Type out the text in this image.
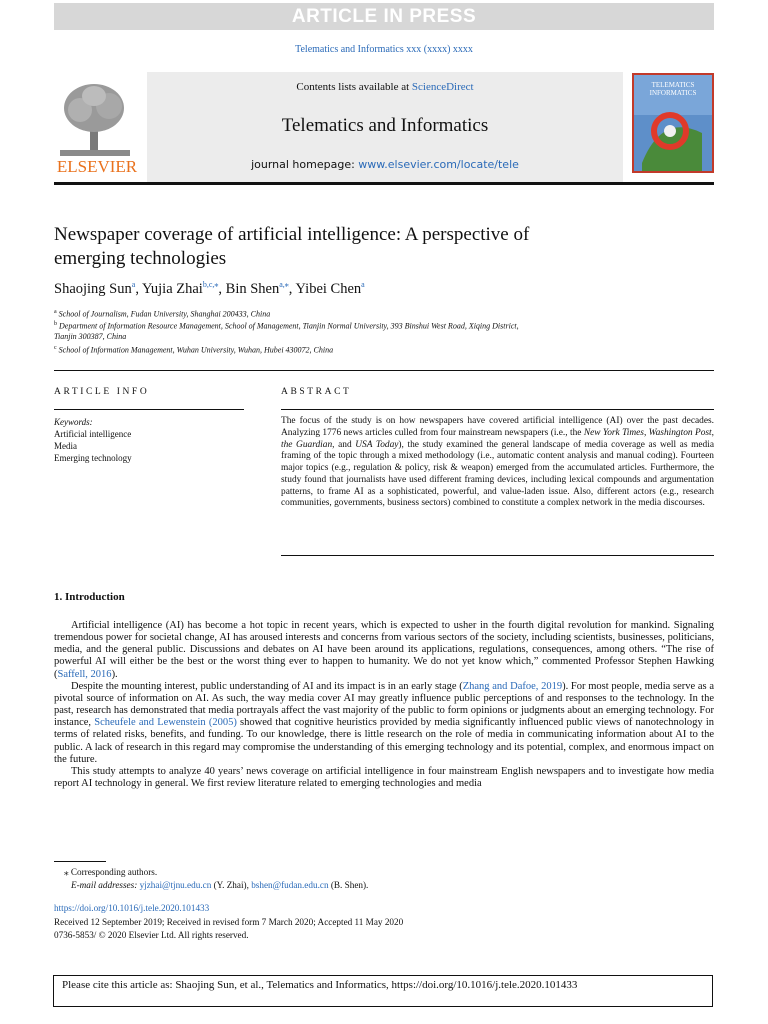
ARTICLE IN PRESS
Telematics and Informatics xxx (xxxx) xxxx
ELSEVIER
TELEMATICS
INFORMATICS
Contents lists available at ScienceDirect
Telematics and Informatics
journal homepage: www.elsevier.com/locate/tele
Newspaper coverage of artificial intelligence: A perspective of
emerging technologies
Shaojing Sun$^a$, Yujia Zhai$^{b,c,⁎}$, Bin Shen$^{a,⁎}$, Yibei Chen$^a$
$^a$ School of Journalism, Fudan University, Shanghai 200433, China
$^b$ Department of Information Resource Management, School of Management, Tianjin Normal University, 393 Binshui West Road, Xiqing District,
Tianjin 300387, China
$^c$ School of Information Management, Wuhan University, Wuhan, Hubei 430072, China
ARTICLE INFO
Keywords:
Artificial intelligence
Media
Emerging technology
ABSTRACT
The focus of the study is on how newspapers have covered artificial intelligence (AI) over the past decades. Analyzing 1776 news articles culled from four mainstream newspapers (i.e., the New York Times, Washington Post, the Guardian, and USA Today), the study examined the general landscape of media coverage as well as media framing of the topic through a mixed methodology (i.e., automatic content analysis and manual coding). Fourteen major topics (e.g., regulation & policy, risk & weapon) emerged from the accumulated articles. Furthermore, the study found that journalists have used different framing devices, including lexical compounds and argumentation patterns, to frame AI as a sophisticated, powerful, and value-laden issue. Also, different actors (e.g., research communities, governments, business sectors) combined to constitute a complex network in the media discourses.
1. Introduction

Artificial intelligence (AI) has become a hot topic in recent years, which is expected to usher in the fourth digital revolution for mankind. Signaling tremendous power for societal change, AI has aroused interests and concerns from various sectors of the society, including scientists, businesses, politicians, media, and the general public. Discussions and debates on AI have been around its applications, regulations, consequences, among others. “The rise of powerful AI will either be the best or the worst thing ever to happen to humanity. We do not yet know which,” commented Professor Stephen Hawking (Saffell, 2016).

Despite the mounting interest, public understanding of AI and its impact is in an early stage (Zhang and Dafoe, 2019). For most people, media serve as a pivotal source of information on AI. As such, the way media cover AI may greatly influence public perceptions of and responses to the technology. In the past, research has demonstrated that media portrayals affect the vast majority of the public to form opinions or judgments about an emerging technology. For instance, Scheufele and Lewenstein (2005) showed that cognitive heuristics provided by media significantly influenced public views of nanotechnology in terms of related risks, benefits, and funding. To our knowledge, there is little research on the role of media in communicating information about AI to the public. A lack of research in this regard may compromise the understanding of this emerging technology and its potential, complex, and enormous impact on the future.

This study attempts to analyze 40 years’ news coverage on artificial intelligence in four mainstream English newspapers and to investigate how media report AI technology in general. We first review literature related to emerging technologies and media

⁎ Corresponding authors.
E-mail addresses: yjzhai@tjnu.edu.cn (Y. Zhai), bshen@fudan.edu.cn (B. Shen).
https://doi.org/10.1016/j.tele.2020.101433
Received 12 September 2019; Received in revised form 7 March 2020; Accepted 11 May 2020
0736-5853/ © 2020 Elsevier Ltd. All rights reserved.
Please cite this article as: Shaojing Sun, et al., Telematics and Informatics, https://doi.org/10.1016/j.tele.2020.101433
